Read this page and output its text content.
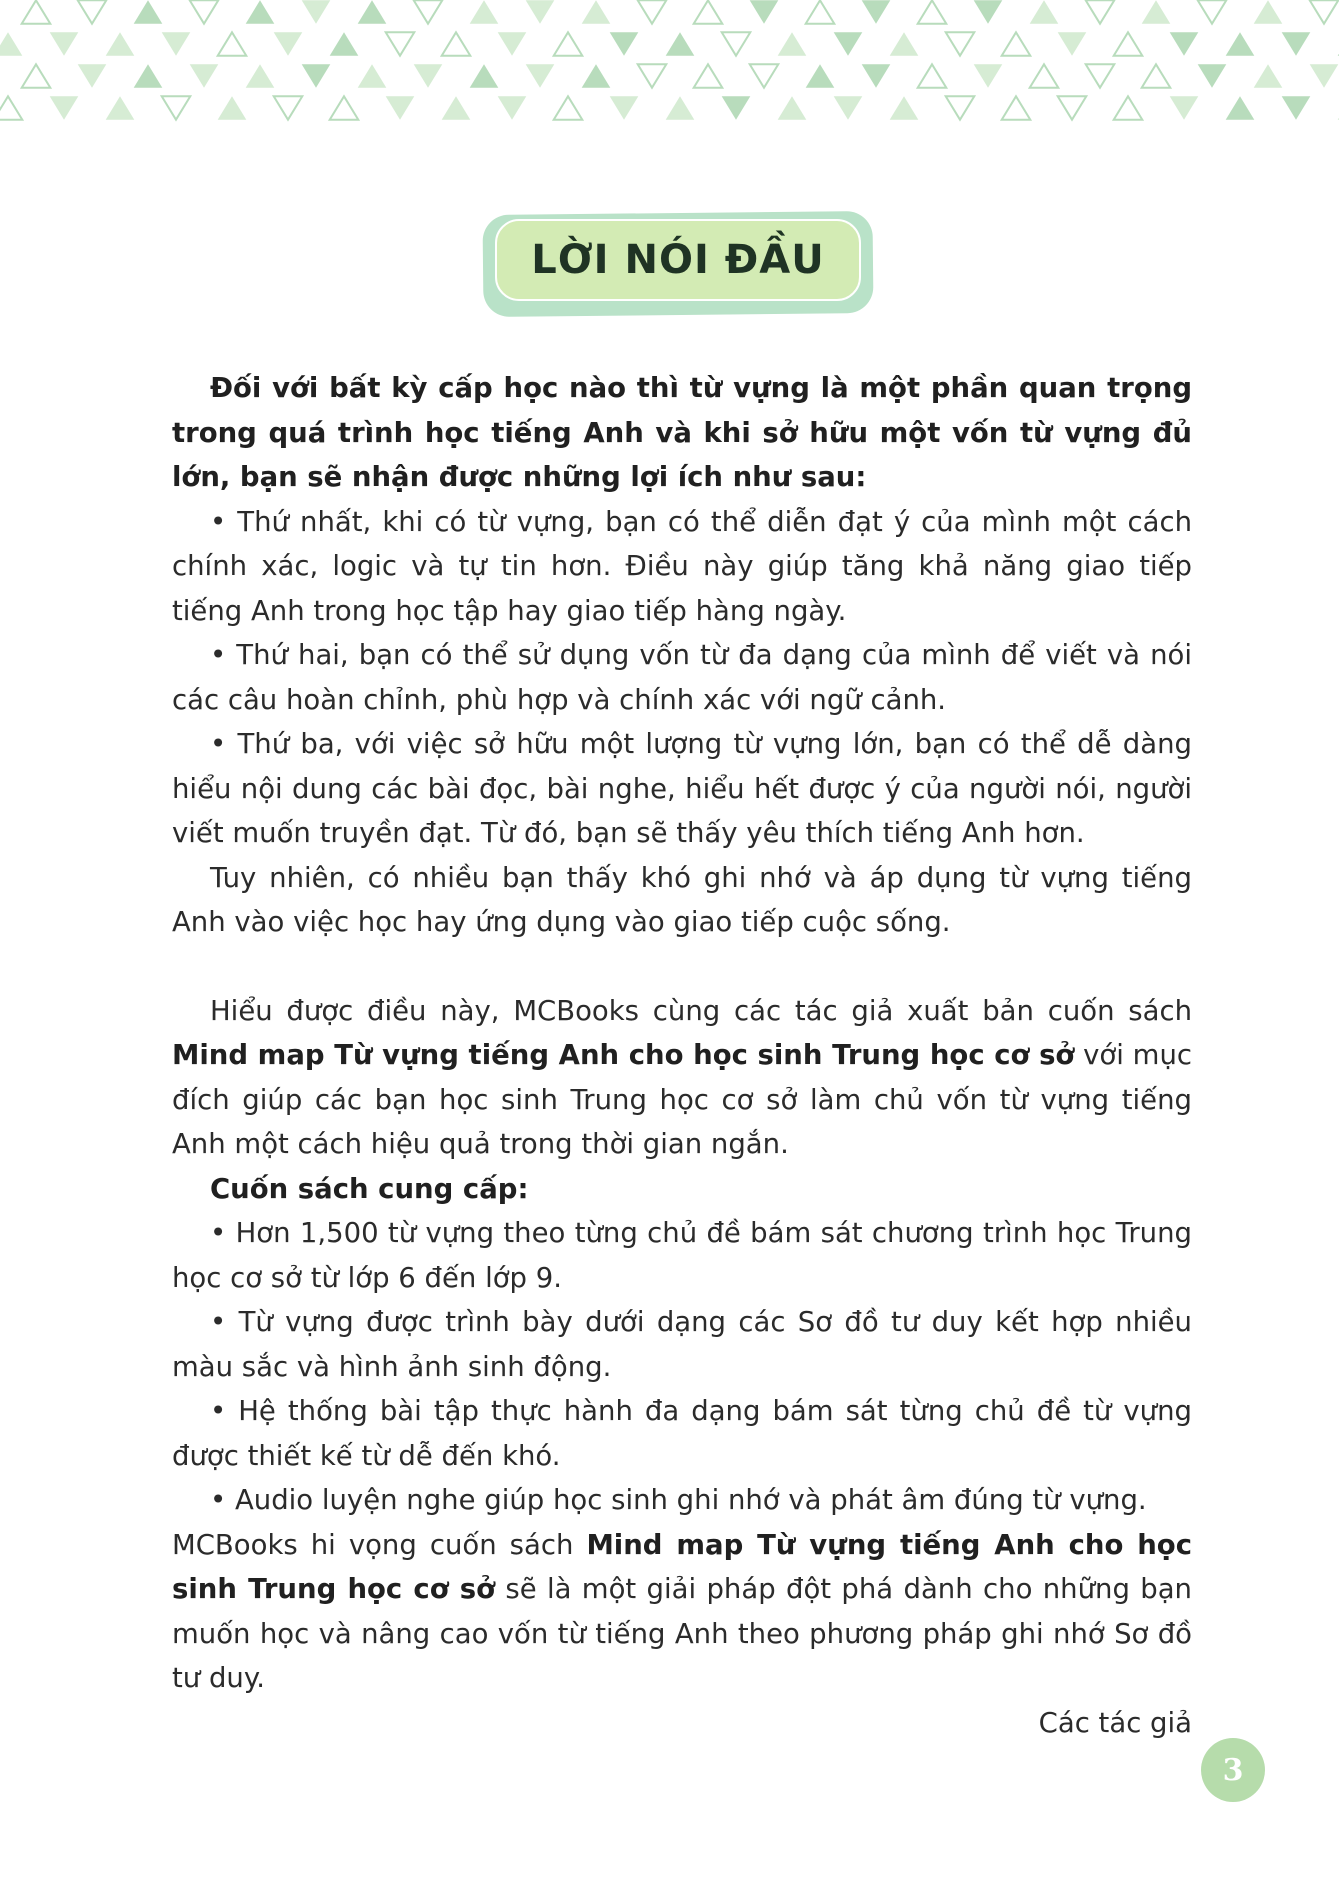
LỜI NÓI ĐẦU

Đối với bất kỳ cấp học nào thì từ vựng là một phần quan trọng trong quá trình học tiếng Anh và khi sở hữu một vốn từ vựng đủ lớn, bạn sẽ nhận được những lợi ích như sau:

• Thứ nhất, khi có từ vựng, bạn có thể diễn đạt ý của mình một cách chính xác, logic và tự tin hơn. Điều này giúp tăng khả năng giao tiếp tiếng Anh trong học tập hay giao tiếp hàng ngày.

• Thứ hai, bạn có thể sử dụng vốn từ đa dạng của mình để viết và nói các câu hoàn chỉnh, phù hợp và chính xác với ngữ cảnh.

• Thứ ba, với việc sở hữu một lượng từ vựng lớn, bạn có thể dễ dàng hiểu nội dung các bài đọc, bài nghe, hiểu hết được ý của người nói, người viết muốn truyền đạt. Từ đó, bạn sẽ thấy yêu thích tiếng Anh hơn.

Tuy nhiên, có nhiều bạn thấy khó ghi nhớ và áp dụng từ vựng tiếng Anh vào việc học hay ứng dụng vào giao tiếp cuộc sống.

Hiểu được điều này, MCBooks cùng các tác giả xuất bản cuốn sách Mind map Từ vựng tiếng Anh cho học sinh Trung học cơ sở với mục đích giúp các bạn học sinh Trung học cơ sở làm chủ vốn từ vựng tiếng Anh một cách hiệu quả trong thời gian ngắn.

Cuốn sách cung cấp:

• Hơn 1,500 từ vựng theo từng chủ đề bám sát chương trình học Trung học cơ sở từ lớp 6 đến lớp 9.

• Từ vựng được trình bày dưới dạng các Sơ đồ tư duy kết hợp nhiều màu sắc và hình ảnh sinh động.

• Hệ thống bài tập thực hành đa dạng bám sát từng chủ đề từ vựng được thiết kế từ dễ đến khó.

• Audio luyện nghe giúp học sinh ghi nhớ và phát âm đúng từ vựng.

MCBooks hi vọng cuốn sách Mind map Từ vựng tiếng Anh cho học sinh Trung học cơ sở sẽ là một giải pháp đột phá dành cho những bạn muốn học và nâng cao vốn từ tiếng Anh theo phương pháp ghi nhớ Sơ đồ tư duy.

Các tác giả

3
